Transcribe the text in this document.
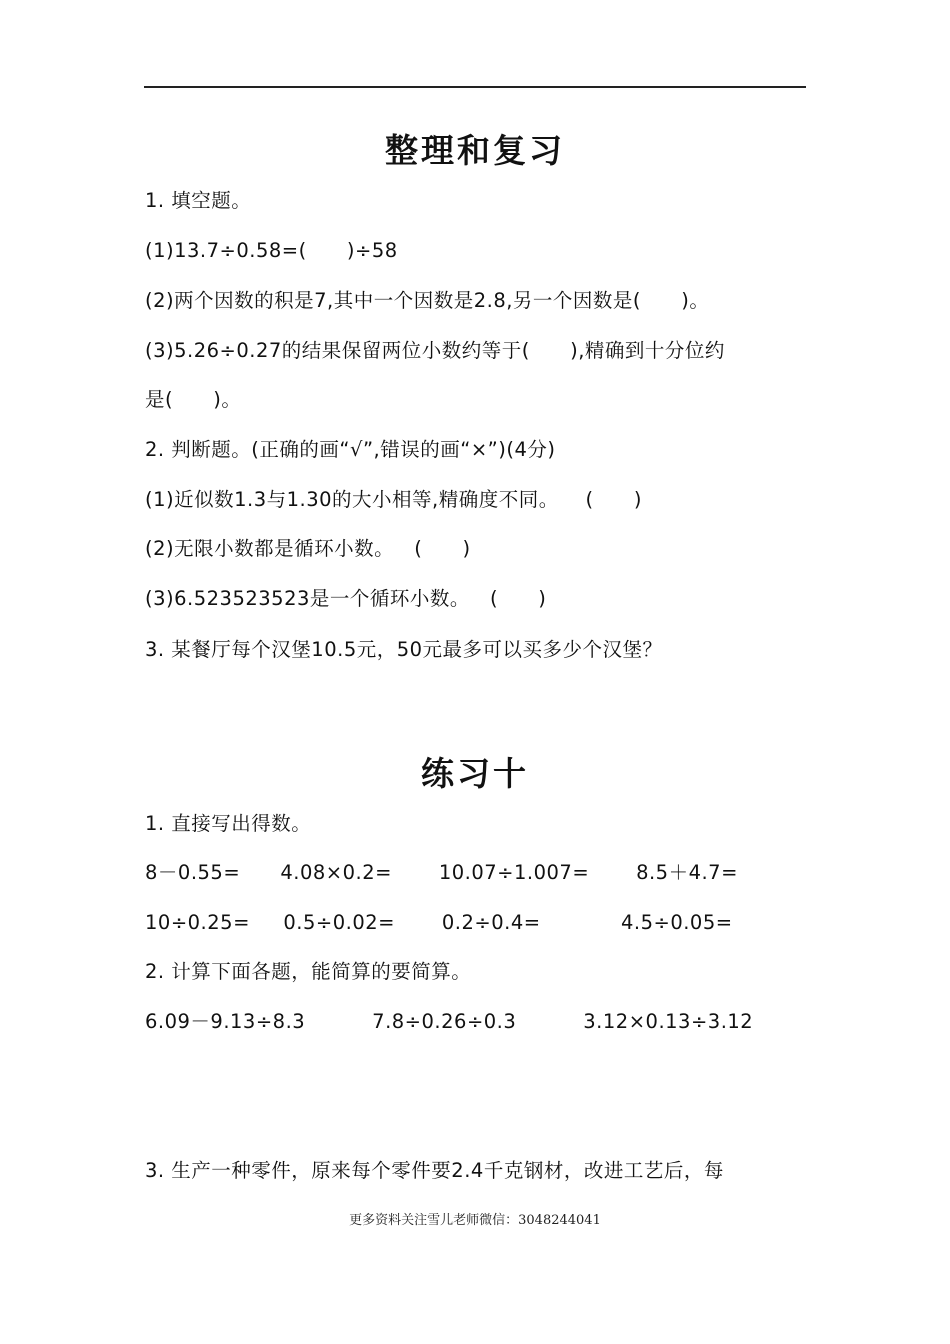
整理和复习
1. 填空题。
(1)13.7÷0.58=(      )÷58
(2)两个因数的积是7,其中一个因数是2.8,另一个因数是(      )。
(3)5.26÷0.27的结果保留两位小数约等于(      ),精确到十分位约
是(      )。
2. 判断题。(正确的画“√”,错误的画“×”)(4分)
(1)近似数1.3与1.30的大小相等,精确度不同。    (      )
(2)无限小数都是循环小数。   (      )
(3)6.523523523是一个循环小数。   (      )
3. 某餐厅每个汉堡10.5元，50元最多可以买多少个汉堡？
练习十
1. 直接写出得数。
8－0.55=      4.08×0.2=       10.07÷1.007=       8.5＋4.7=
10÷0.25=     0.5÷0.02=       0.2÷0.4=            4.5÷0.05=
2. 计算下面各题，能简算的要简算。
6.09－9.13÷8.3          7.8÷0.26÷0.3          3.12×0.13÷3.12
3. 生产一种零件，原来每个零件要2.4千克钢材，改进工艺后，每
更多资料关注雪儿老师微信：3048244041
